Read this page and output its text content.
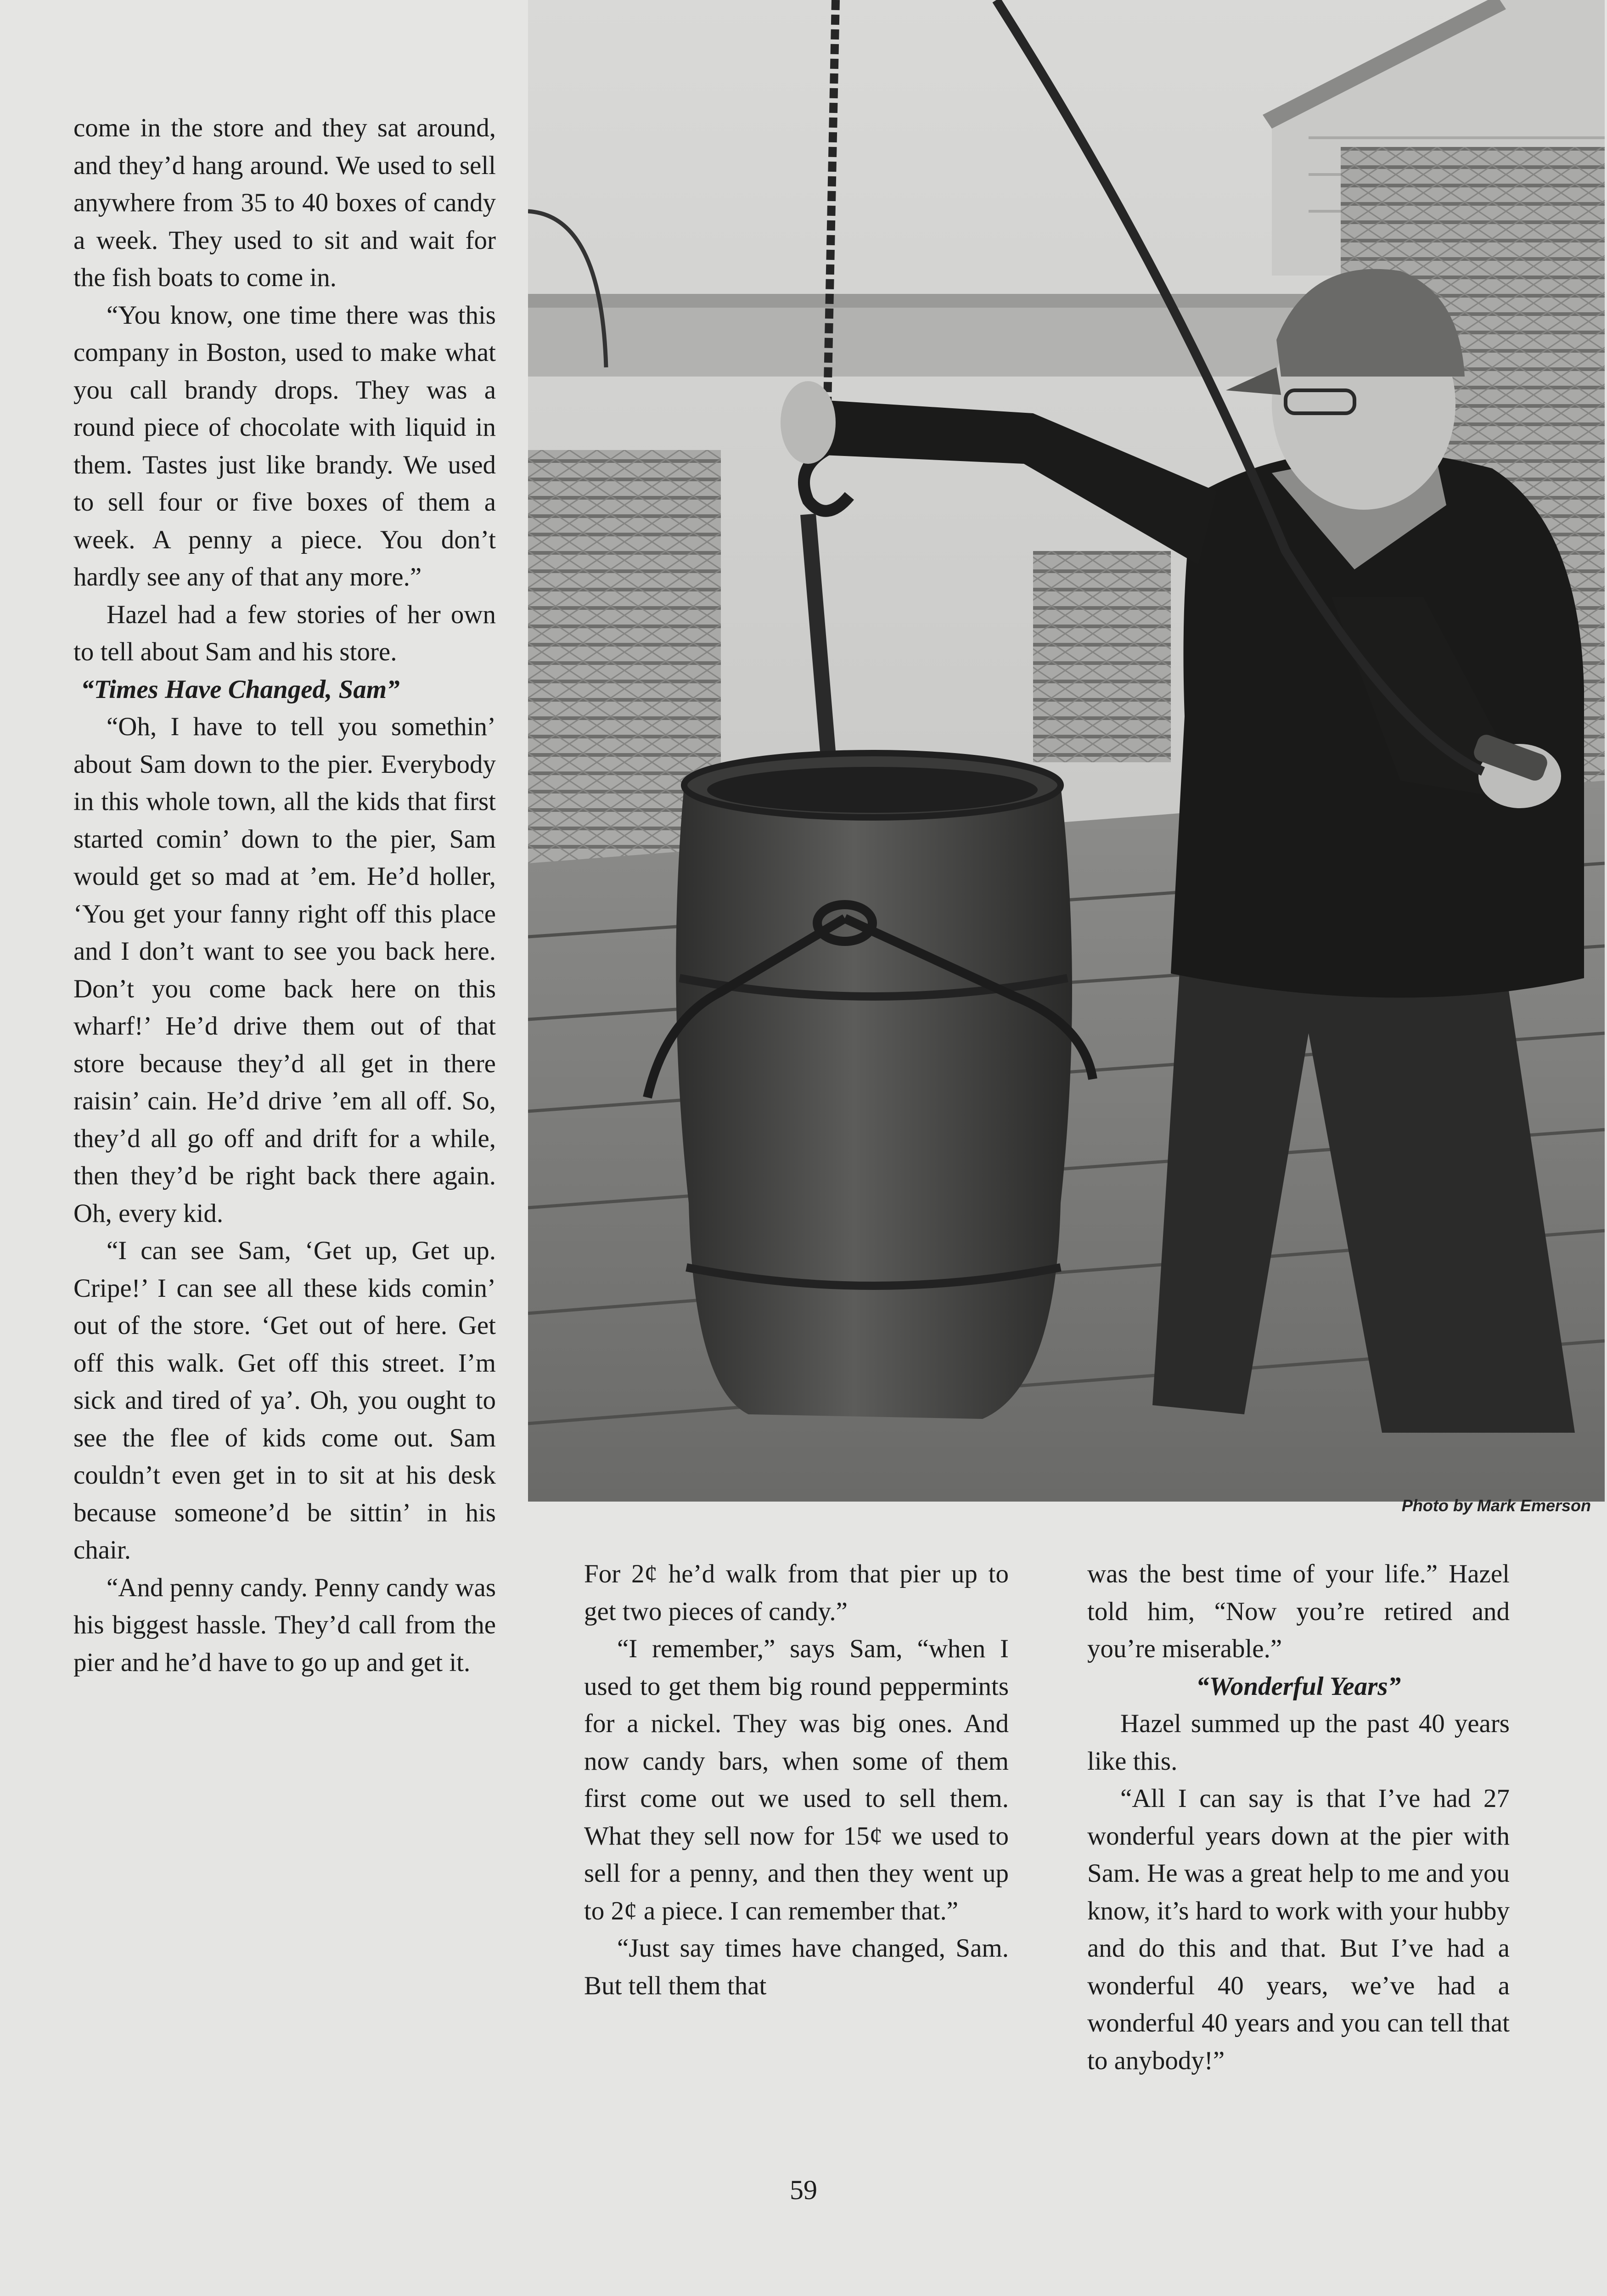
come in the store and they sat around, and they’d hang around. We used to sell anywhere from 35 to 40 boxes of candy a week. They used to sit and wait for the fish boats to come in.

“You know, one time there was this company in Boston, used to make what you call brandy drops. They was a round piece of chocolate with liquid in them. Tastes just like brandy. We used to sell four or five boxes of them a week. A penny a piece. You don’t hardly see any of that any more.”

Hazel had a few stories of her own to tell about Sam and his store.

“Times Have Changed, Sam”

“Oh, I have to tell you somethin’ about Sam down to the pier. Everybody in this whole town, all the kids that first started comin’ down to the pier, Sam would get so mad at ’em. He’d holler, ‘You get your fanny right off this place and I don’t want to see you back here. Don’t you come back here on this wharf!’ He’d drive them out of that store because they’d all get in there raisin’ cain. He’d drive ’em all off. So, they’d all go off and drift for a while, then they’d be right back there again. Oh, every kid.

“I can see Sam, ‘Get up, Get up. Cripe!’ I can see all these kids comin’ out of the store. ‘Get out of here. Get off this walk. Get off this street. I’m sick and tired of ya’. Oh, you ought to see the flee of kids come out. Sam couldn’t even get in to sit at his desk because someone’d be sittin’ in his chair.

“And penny candy. Penny candy was his biggest hassle. They’d call from the pier and he’d have to go up and get it.

Photo by Mark Emerson

For 2¢ he’d walk from that pier up to get two pieces of candy.”

“I remember,” says Sam, “when I used to get them big round peppermints for a nickel. They was big ones. And now candy bars, when some of them first come out we used to sell them. What they sell now for 15¢ we used to sell for a penny, and then they went up to 2¢ a piece. I can remember that.”

“Just say times have changed, Sam. But tell them that

was the best time of your life.” Hazel told him, “Now you’re retired and you’re miserable.”

“Wonderful Years”

Hazel summed up the past 40 years like this.

“All I can say is that I’ve had 27 wonderful years down at the pier with Sam. He was a great help to me and you know, it’s hard to work with your hubby and do this and that. But I’ve had a wonderful 40 years, we’ve had a wonderful 40 years and you can tell that to anybody!”

59
